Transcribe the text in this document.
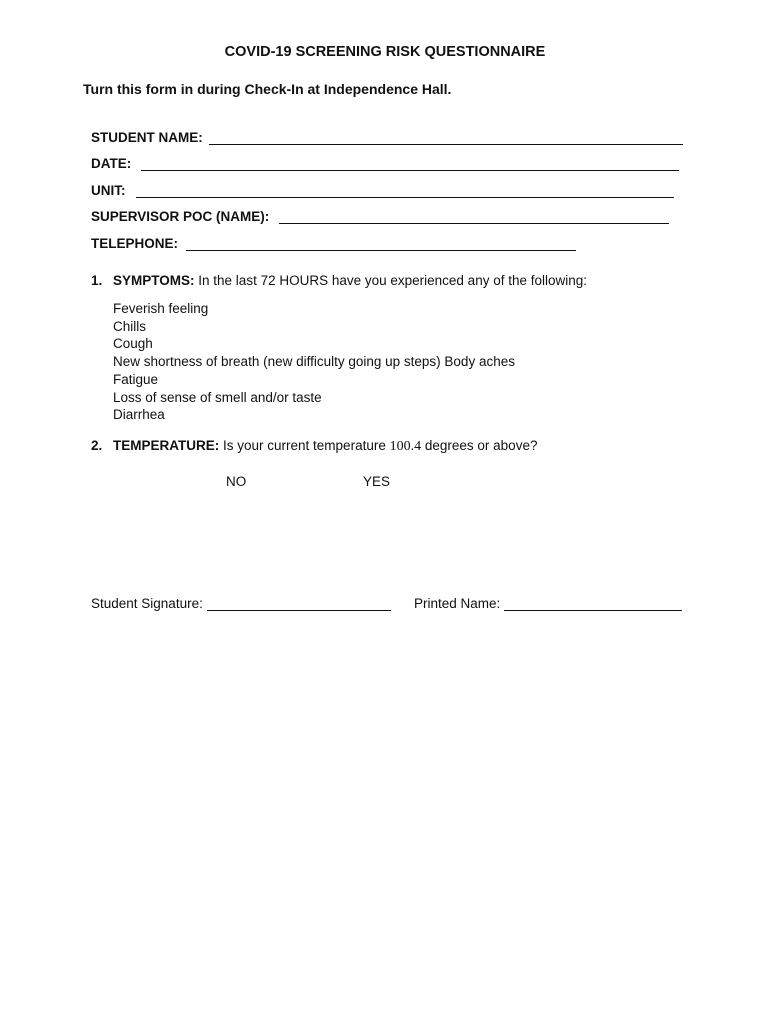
COVID-19 SCREENING RISK QUESTIONNAIRE
Turn this form in during Check-In at Independence Hall.
STUDENT NAME:
DATE:
UNIT:
SUPERVISOR POC (NAME):
TELEPHONE:
1. SYMPTOMS: In the last 72 HOURS have you experienced any of the following:
Feverish feeling
Chills
Cough
New shortness of breath (new difficulty going up steps) Body aches
Fatigue
Loss of sense of smell and/or taste
Diarrhea
2. TEMPERATURE: Is your current temperature 100.4 degrees or above?
NO	YES
Student Signature:	Printed Name:
